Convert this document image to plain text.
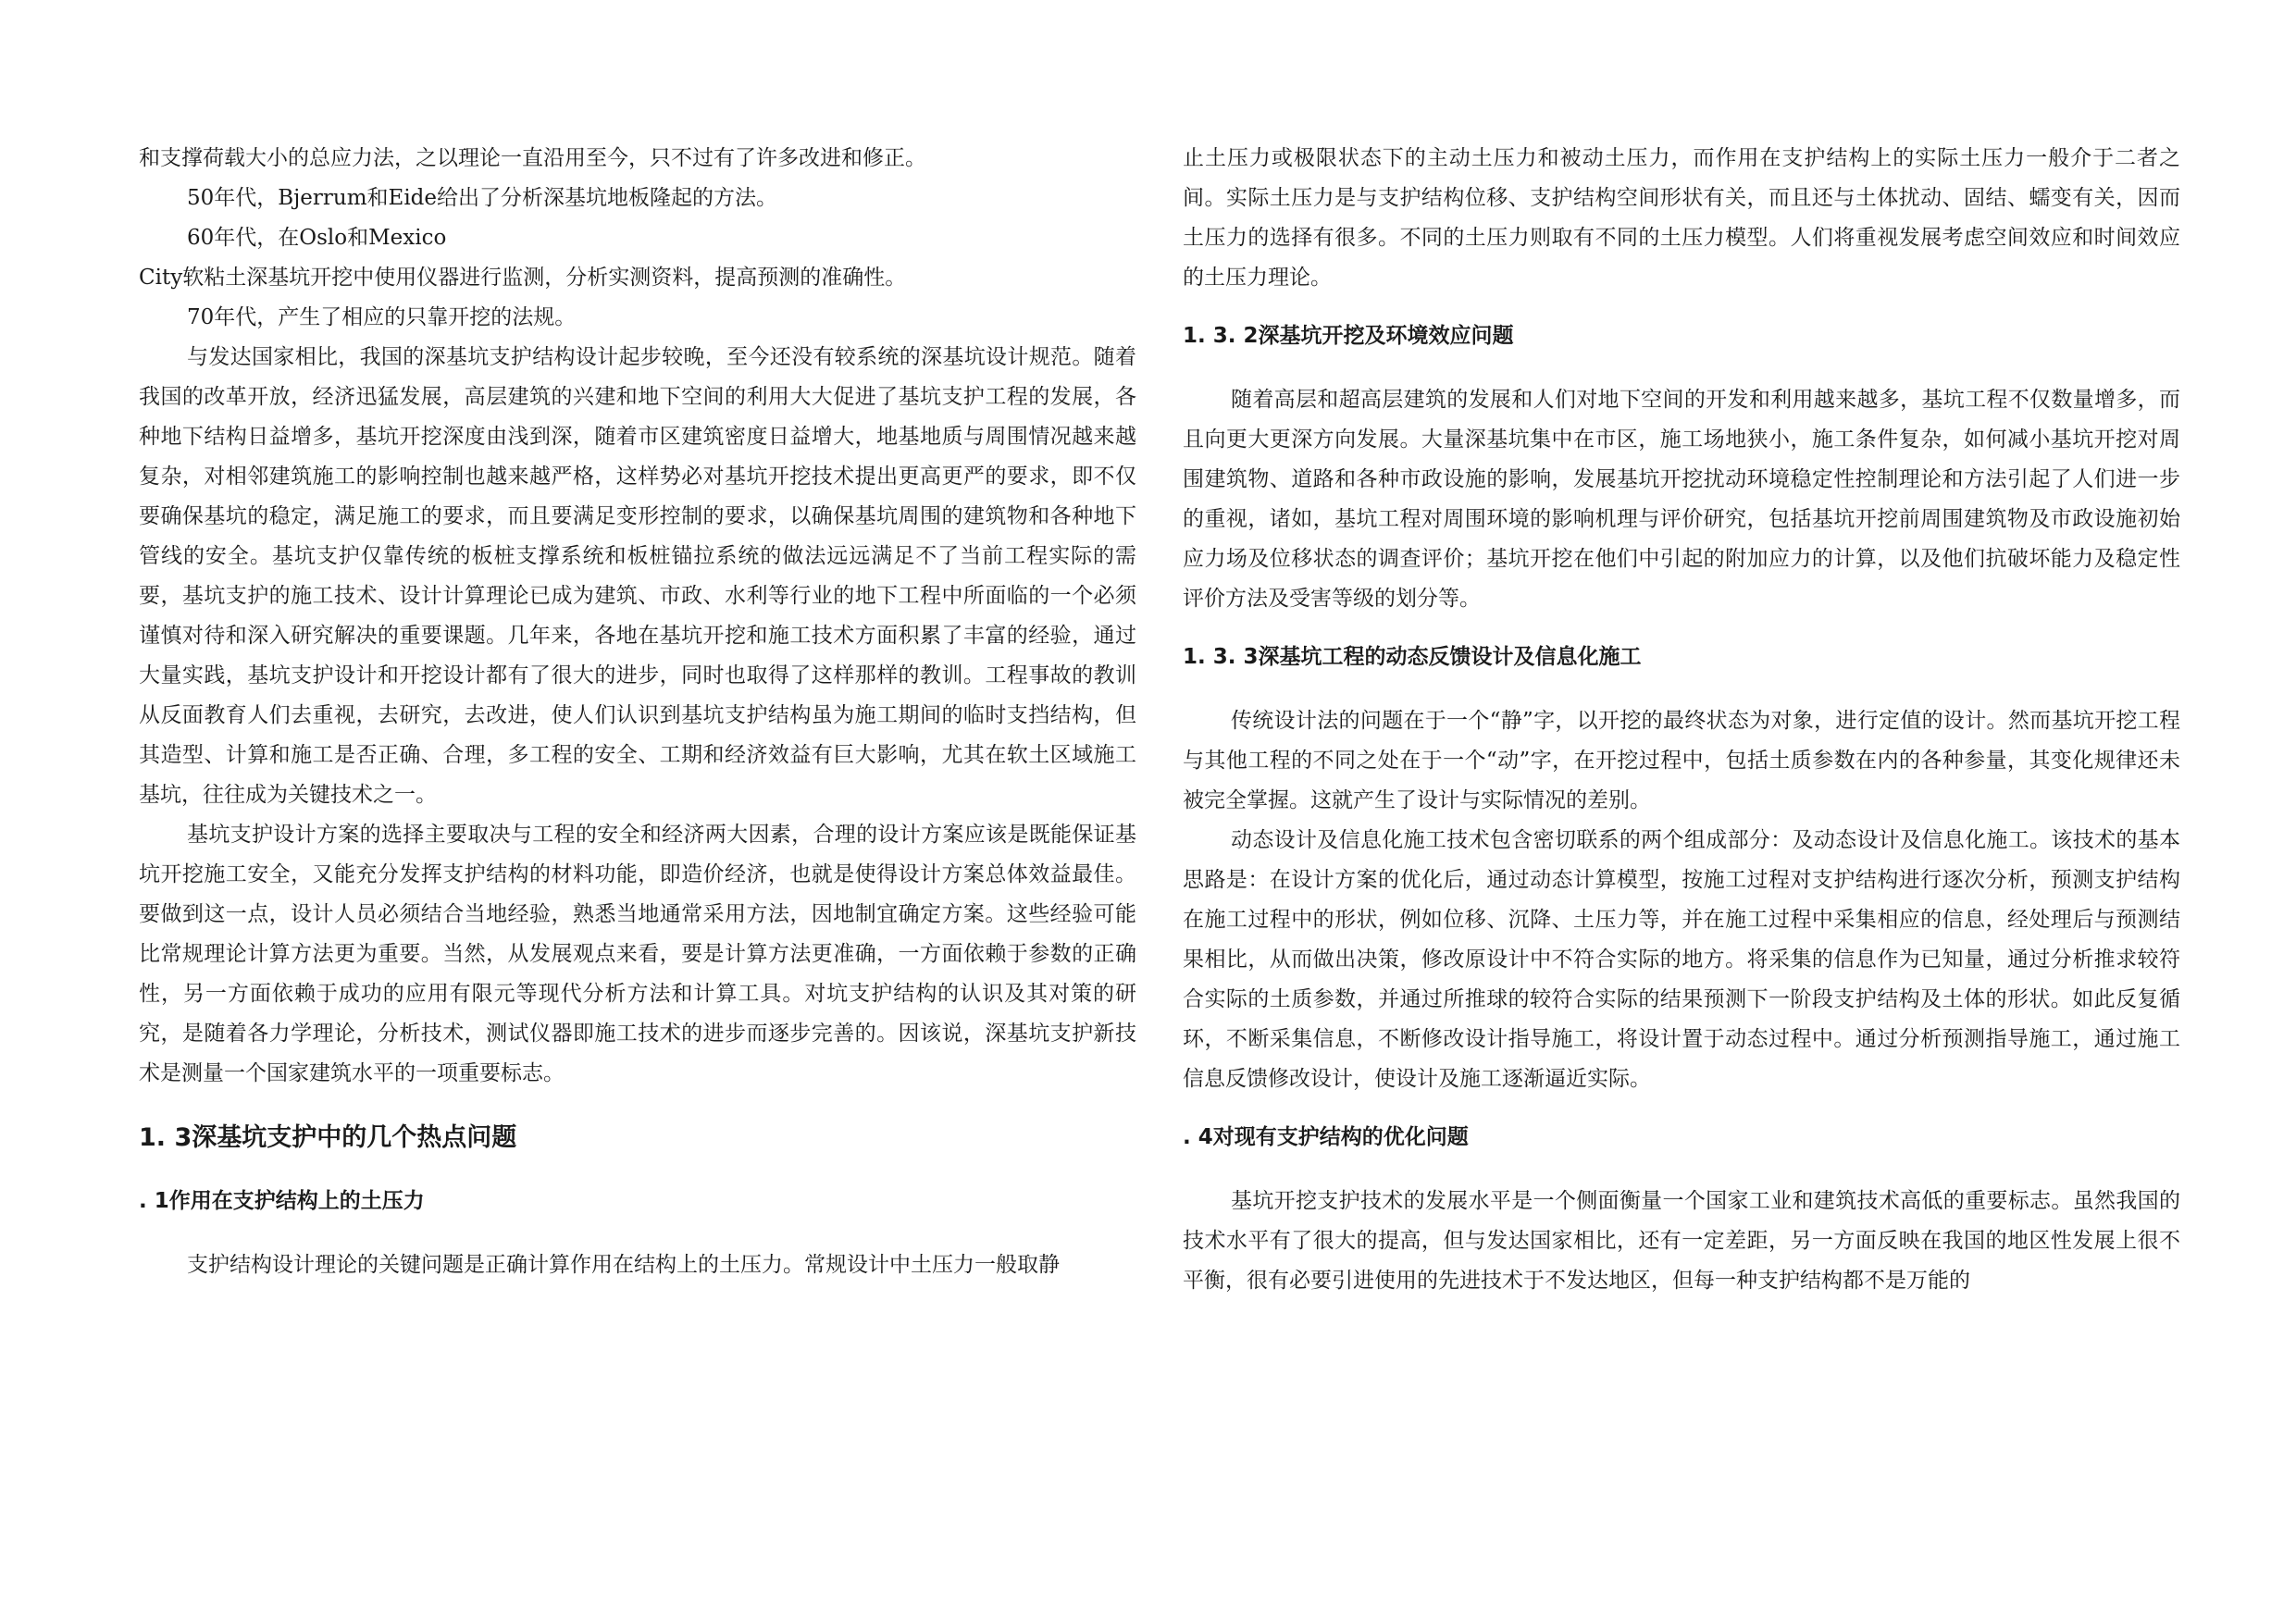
和支撑荷载大小的总应力法，之以理论一直沿用至今，只不过有了许多改进和修正。

50年代，Bjerrum和Eide给出了分析深基坑地板隆起的方法。

60年代，在Oslo和Mexico

City软粘土深基坑开挖中使用仪器进行监测，分析实测资料，提高预测的准确性。

70年代，产生了相应的只靠开挖的法规。

与发达国家相比，我国的深基坑支护结构设计起步较晚，至今还没有较系统的深基坑设计规范。随着我国的改革开放，经济迅猛发展，高层建筑的兴建和地下空间的利用大大促进了基坑支护工程的发展，各种地下结构日益增多，基坑开挖深度由浅到深，随着市区建筑密度日益增大，地基地质与周围情况越来越复杂，对相邻建筑施工的影响控制也越来越严格，这样势必对基坑开挖技术提出更高更严的要求，即不仅要确保基坑的稳定，满足施工的要求，而且要满足变形控制的要求，以确保基坑周围的建筑物和各种地下管线的安全。基坑支护仅靠传统的板桩支撑系统和板桩锚拉系统的做法远远满足不了当前工程实际的需要，基坑支护的施工技术、设计计算理论已成为建筑、市政、水利等行业的地下工程中所面临的一个必须谨慎对待和深入研究解决的重要课题。几年来，各地在基坑开挖和施工技术方面积累了丰富的经验，通过大量实践，基坑支护设计和开挖设计都有了很大的进步，同时也取得了这样那样的教训。工程事故的教训从反面教育人们去重视，去研究，去改进，使人们认识到基坑支护结构虽为施工期间的临时支挡结构，但其造型、计算和施工是否正确、合理，多工程的安全、工期和经济效益有巨大影响，尤其在软土区域施工基坑，往往成为关键技术之一。

基坑支护设计方案的选择主要取决与工程的安全和经济两大因素，合理的设计方案应该是既能保证基坑开挖施工安全，又能充分发挥支护结构的材料功能，即造价经济，也就是使得设计方案总体效益最佳。要做到这一点，设计人员必须结合当地经验，熟悉当地通常采用方法，因地制宜确定方案。这些经验可能比常规理论计算方法更为重要。当然，从发展观点来看，要是计算方法更准确，一方面依赖于参数的正确性，另一方面依赖于成功的应用有限元等现代分析方法和计算工具。对坑支护结构的认识及其对策的研究，是随着各力学理论，分析技术，测试仪器即施工技术的进步而逐步完善的。因该说，深基坑支护新技术是测量一个国家建筑水平的一项重要标志。

1. 3深基坑支护中的几个热点问题
. 1作用在支护结构上的土压力

支护结构设计理论的关键问题是正确计算作用在结构上的土压力。常规设计中土压力一般取静

止土压力或极限状态下的主动土压力和被动土压力，而作用在支护结构上的实际土压力一般介于二者之间。实际土压力是与支护结构位移、支护结构空间形状有关，而且还与土体扰动、固结、蠕变有关，因而土压力的选择有很多。不同的土压力则取有不同的土压力模型。人们将重视发展考虑空间效应和时间效应的土压力理论。

1. 3. 2深基坑开挖及环境效应问题

随着高层和超高层建筑的发展和人们对地下空间的开发和利用越来越多，基坑工程不仅数量增多，而且向更大更深方向发展。大量深基坑集中在市区，施工场地狭小，施工条件复杂，如何减小基坑开挖对周围建筑物、道路和各种市政设施的影响，发展基坑开挖扰动环境稳定性控制理论和方法引起了人们进一步的重视，诸如，基坑工程对周围环境的影响机理与评价研究，包括基坑开挖前周围建筑物及市政设施初始应力场及位移状态的调查评价；基坑开挖在他们中引起的附加应力的计算，以及他们抗破坏能力及稳定性评价方法及受害等级的划分等。

1. 3. 3深基坑工程的动态反馈设计及信息化施工

传统设计法的问题在于一个“静”字，以开挖的最终状态为对象，进行定值的设计。然而基坑开挖工程与其他工程的不同之处在于一个“动”字，在开挖过程中，包括土质参数在内的各种参量，其变化规律还未被完全掌握。这就产生了设计与实际情况的差别。

动态设计及信息化施工技术包含密切联系的两个组成部分：及动态设计及信息化施工。该技术的基本思路是：在设计方案的优化后，通过动态计算模型，按施工过程对支护结构进行逐次分析，预测支护结构在施工过程中的形状，例如位移、沉降、土压力等，并在施工过程中采集相应的信息，经处理后与预测结果相比，从而做出决策，修改原设计中不符合实际的地方。将采集的信息作为已知量，通过分析推求较符合实际的土质参数，并通过所推球的较符合实际的结果预测下一阶段支护结构及土体的形状。如此反复循环，不断采集信息，不断修改设计指导施工，将设计置于动态过程中。通过分析预测指导施工，通过施工信息反馈修改设计，使设计及施工逐渐逼近实际。

. 4对现有支护结构的优化问题

基坑开挖支护技术的发展水平是一个侧面衡量一个国家工业和建筑技术高低的重要标志。虽然我国的技术水平有了很大的提高，但与发达国家相比，还有一定差距，另一方面反映在我国的地区性发展上很不平衡，很有必要引进使用的先进技术于不发达地区，但每一种支护结构都不是万能的
